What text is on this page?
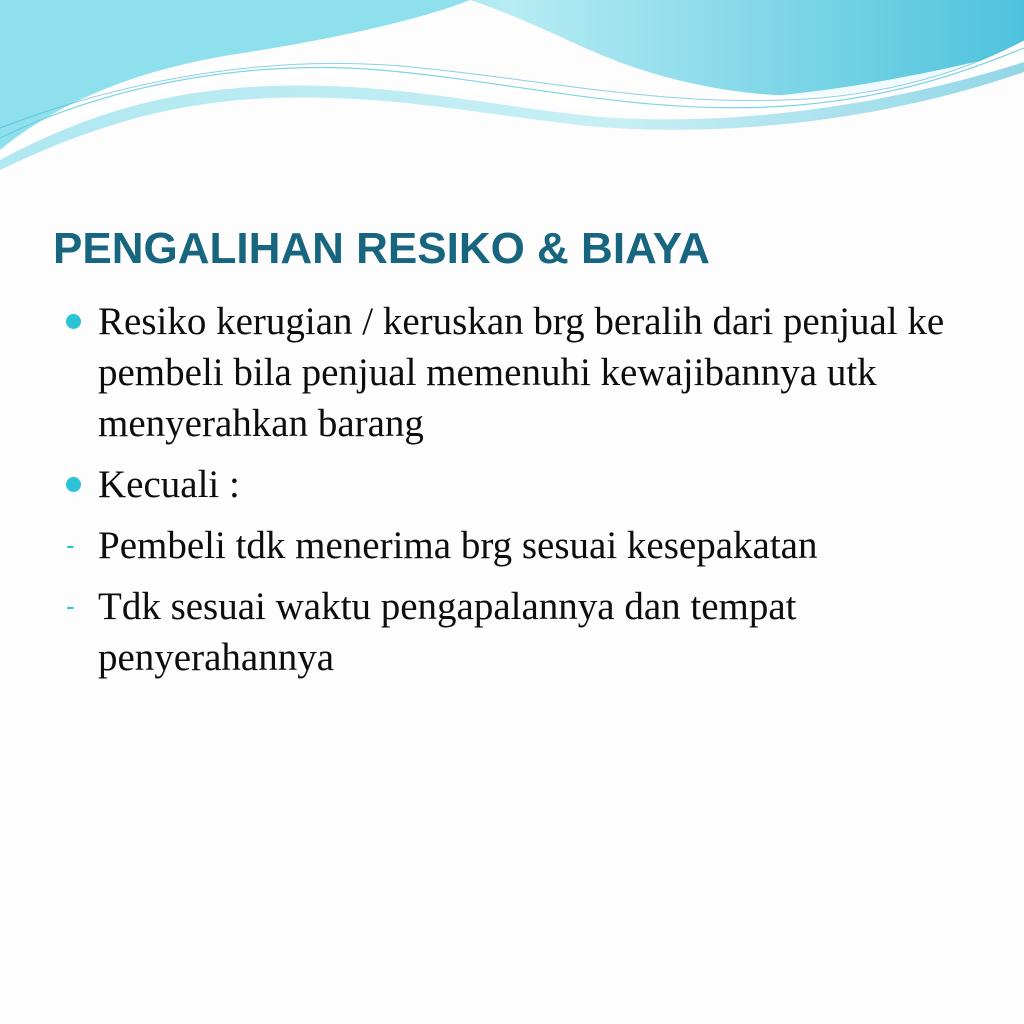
PENGALIHAN RESIKO & BIAYA
Resiko kerugian / keruskan brg beralih dari penjual ke pembeli bila penjual memenuhi kewajibannya utk menyerahkan barang
Kecuali :
- Pembeli tdk menerima brg sesuai kesepakatan
- Tdk sesuai waktu pengapalannya dan tempat penyerahannya
